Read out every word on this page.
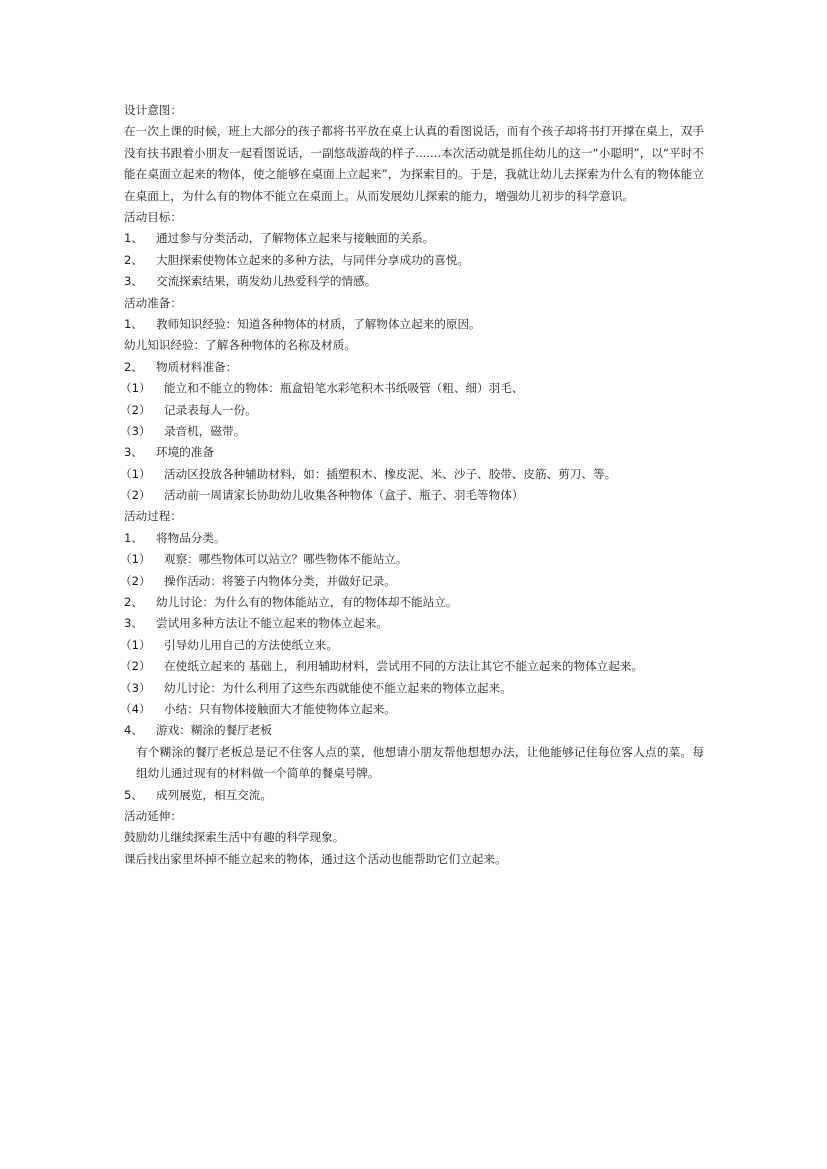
设计意图：
在一次上课的时候，班上大部分的孩子都将书平放在桌上认真的看图说话，而有个孩子却将书打开撑在桌上，双手没有扶书跟着小朋友一起看图说话，一副悠哉游哉的样子.......本次活动就是抓住幼儿的这一“小聪明”，以“平时不能在桌面立起来的物体，使之能够在桌面上立起来”，为探索目的。于是，我就让幼儿去探索为什么有的物体能立在桌面上，为什么有的物体不能立在桌面上。从而发展幼儿探索的能力，增强幼儿初步的科学意识。
活动目标：
1、 通过参与分类活动，了解物体立起来与接触面的关系。
2、 大胆探索使物体立起来的多种方法，与同伴分享成功的喜悦。
3、 交流探索结果，萌发幼儿热爱科学的情感。
活动准备：
1、 教师知识经验：知道各种物体的材质，了解物体立起来的原因。
幼儿知识经验：了解各种物体的名称及材质。
2、 物质材料准备：
（1） 能立和不能立的物体：瓶盒铅笔水彩笔积木书纸吸管（粗、细）羽毛、
（2） 记录表每人一份。
（3） 录音机，磁带。
3、 环境的准备
（1） 活动区投放各种辅助材料，如：插塑积木、橡皮泥、米、沙子、胶带、皮筋、剪刀、等。
（2） 活动前一周请家长协助幼儿收集各种物体（盒子、瓶子、羽毛等物体）
活动过程：
1、 将物品分类。
（1） 观察：哪些物体可以站立？哪些物体不能站立。
（2） 操作活动：将篓子内物体分类，并做好记录。
2、 幼儿讨论：为什么有的物体能站立，有的物体却不能站立。
3、 尝试用多种方法让不能立起来的物体立起来。
（1） 引导幼儿用自己的方法使纸立来。
（2） 在使纸立起来的 基础上，利用辅助材料，尝试用不同的方法让其它不能立起来的物体立起来。
（3） 幼儿讨论：为什么利用了这些东西就能使不能立起来的物体立起来。
（4） 小结：只有物体接触面大才能使物体立起来。
4、 游戏：糊涂的餐厅老板
有个糊涂的餐厅老板总是记不住客人点的菜，他想请小朋友帮他想想办法，让他能够记住每位客人点的菜。每组幼儿通过现有的材料做一个简单的餐桌号牌。
5、 成列展览，相互交流。
活动延伸：
鼓励幼儿继续探索生活中有趣的科学现象。
课后找出家里坏掉不能立起来的物体，通过这个活动也能帮助它们立起来。
